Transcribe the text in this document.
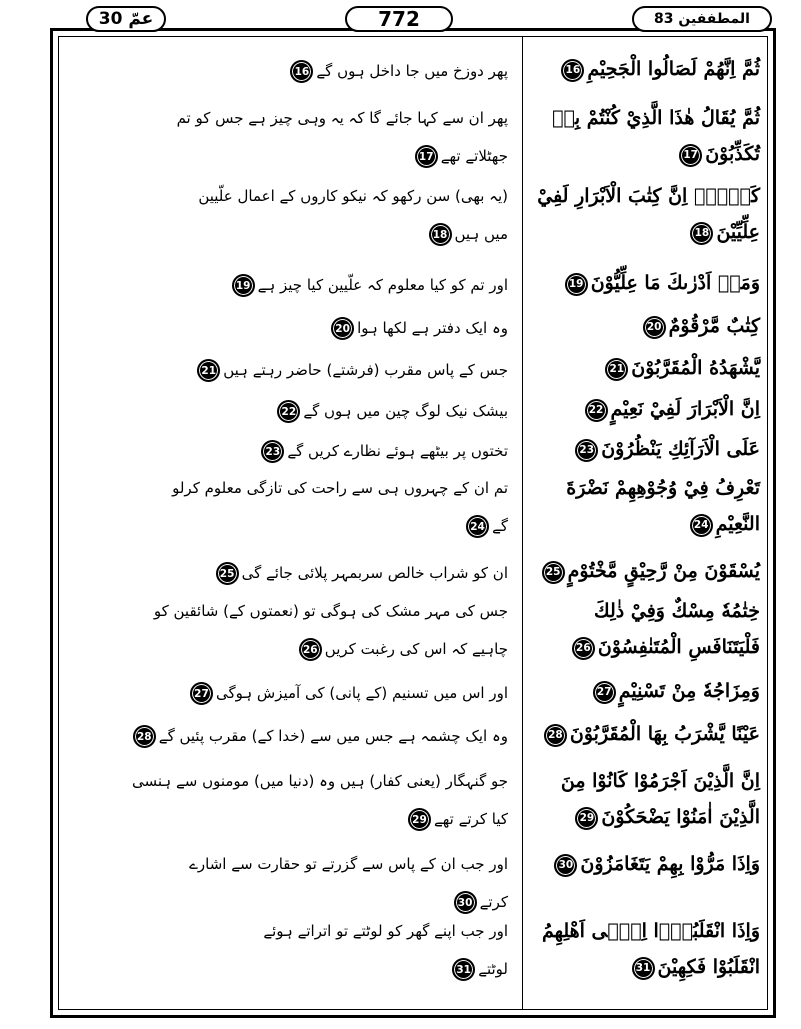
عمّ 30	772	المطففين 83
ثُمَّ اِنَّهُمْ لَصَالُوا الْجَحِيْمِ16
پھر دوزخ میں جا داخل ہوں گے16
ثُمَّ يُقَالُ هٰذَا الَّذِيْ كُنْتُمْ بِهٖ
تُكَذِّبُوْنَ17
پھر ان سے کہا جائے گا کہ یہ وہی چیز ہے جس کو تم
جھٹلاتے تھے17
كَلَّاۤ اِنَّ كِتٰبَ الْاَبْرَارِ لَفِيْ
عِلِّيِّيْنَ18
(یہ بھی) سن رکھو کہ نیکو کاروں کے اعمال علّیین
میں ہیں18
وَمَاۤ اَدْرٰىكَ مَا عِلِّيُّوْنَ19
اور تم کو کیا معلوم کہ علّیین کیا چیز ہے19
كِتٰبٌ مَّرْقُوْمٌ20
وہ ایک دفتر ہے لکھا ہوا20
يَّشْهَدُهُ الْمُقَرَّبُوْنَ21
جس کے پاس مقرب (فرشتے) حاضر رہتے ہیں21
اِنَّ الْاَبْرَارَ لَفِيْ نَعِيْمٍ22
بیشک نیک لوگ چین میں ہوں گے22
عَلَى الْاَرَآئِكِ يَنْظُرُوْنَ23
تختوں پر بیٹھے ہوئے نظارے کریں گے23
تَعْرِفُ فِيْ وُجُوْهِهِمْ نَضْرَةَ
النَّعِيْمِ24
تم ان کے چہروں ہی سے راحت کی تازگی معلوم کرلو
گے24
يُسْقَوْنَ مِنْ رَّحِيْقٍ مَّخْتُوْمٍ25
ان کو شراب خالص سربمہر پلائی جائے گی25
خِتٰمُهٗ مِسْكٌ وَفِيْ ذٰلِكَ
فَلْيَتَنَافَسِ الْمُتَنٰفِسُوْنَ26
جس کی مہر مشک کی ہوگی تو (نعمتوں کے) شائقین کو
چاہیے کہ اس کی رغبت کریں26
وَمِزَاجُهٗ مِنْ تَسْنِيْمٍ27
اور اس میں تسنیم (کے پانی) کی آمیزش ہوگی27
عَيْنًا يَّشْرَبُ بِهَا الْمُقَرَّبُوْنَ28
وہ ایک چشمہ ہے جس میں سے (خدا کے) مقرب پئیں گے28
اِنَّ الَّذِيْنَ اَجْرَمُوْا كَانُوْا مِنَ
الَّذِيْنَ اٰمَنُوْا يَضْحَكُوْنَ29
جو گنہگار (یعنی کفار) ہیں وہ (دنیا میں) مومنوں سے ہنسی
کیا کرتے تھے29
وَاِذَا مَرُّوْا بِهِمْ يَتَغَامَزُوْنَ30
اور جب ان کے پاس سے گزرتے تو حقارت سے اشارے
کرتے30
وَاِذَا انْقَلَبُوْۤا اِلٰۤى اَهْلِهِمُ
انْقَلَبُوْا فَكِهِيْنَ31
اور جب اپنے گھر کو لوٹتے تو اتراتے ہوئے
لوٹتے31
